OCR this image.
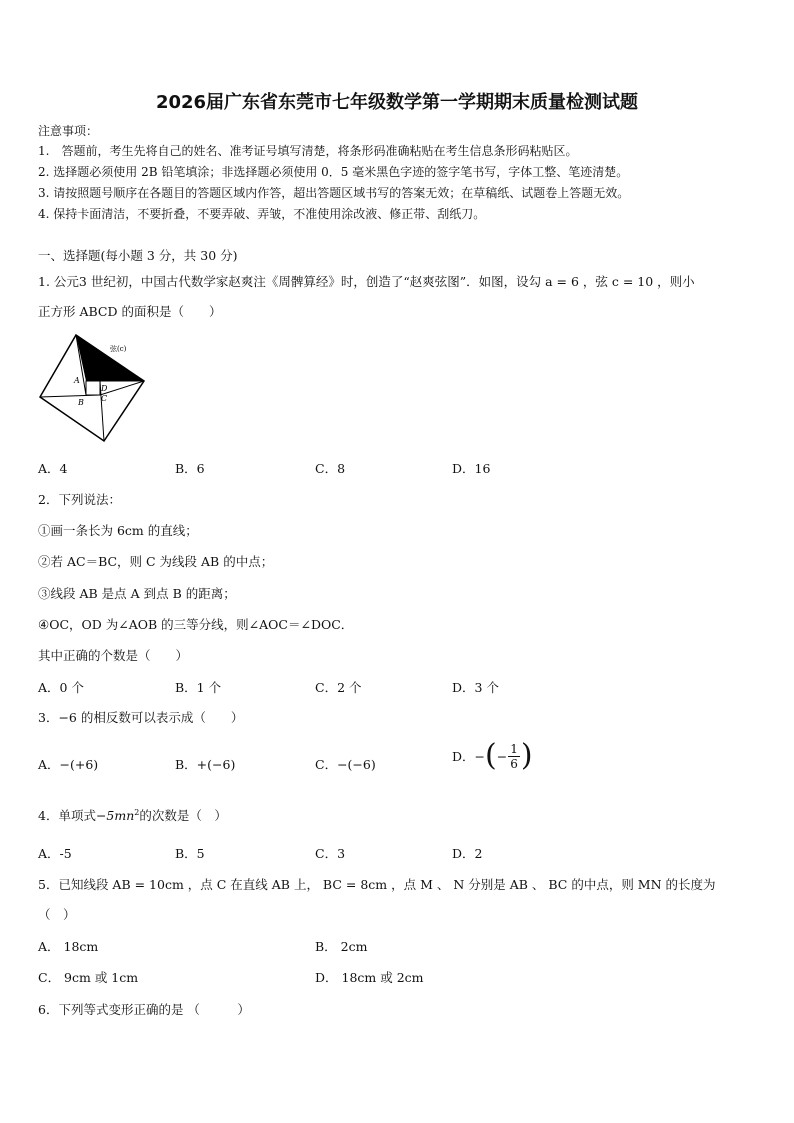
2026届广东省东莞市七年级数学第一学期期末质量检测试题
注意事项：
1.　答题前，考生先将自己的姓名、准考证号填写清楚，将条形码准确粘贴在考生信息条形码粘贴区。
2. 选择题必须使用 2B 铅笔填涂；非选择题必须使用 0．5 毫米黑色字迹的签字笔书写，字体工整、笔迹清楚。
3. 请按照题号顺序在各题目的答题区域内作答，超出答题区域书写的答案无效；在草稿纸、试题卷上答题无效。
4. 保持卡面清洁，不要折叠，不要弄破、弄皱，不准使用涂改液、修正带、刮纸刀。
一、选择题(每小题 3 分，共 30 分)
1. 公元3 世纪初，中国古代数学家赵爽注《周髀算经》时，创造了“赵爽弦图”．如图，设勾 a = 6 ，弦 c = 10 ，则小
正方形 ABCD 的面积是（　　）
弦(c)
A
B C
D
A．4	B．6	C．8	D．16
2．下列说法：
①画一条长为 6cm 的直线；
②若 AC＝BC，则 C 为线段 AB 的中点；
③线段 AB 是点 A 到点 B 的距离；
④OC，OD 为∠AOB 的三等分线，则∠AOC＝∠DOC．
其中正确的个数是（　　）
A．0 个	B．1 个	C．2 个	D．3 个
3．−6 的相反数可以表示成（　　）
A．−(+6)	B．+(−6)	C．−(−6)
D．− ( − $\frac{1}{6}$ )
4．单项式$-5mn^2$的次数是（　）
A．-5	B．5	C．3	D．2
5．已知线段 AB = 10cm ，点 C 在直线 AB 上， BC = 8cm ，点 M 、 N 分别是 AB 、 BC 的中点，则 MN 的长度为
（　）
A． 18cm	B． 2cm
C． 9cm 或 1cm	D． 18cm 或 2cm
6．下列等式变形正确的是 （　　　）
